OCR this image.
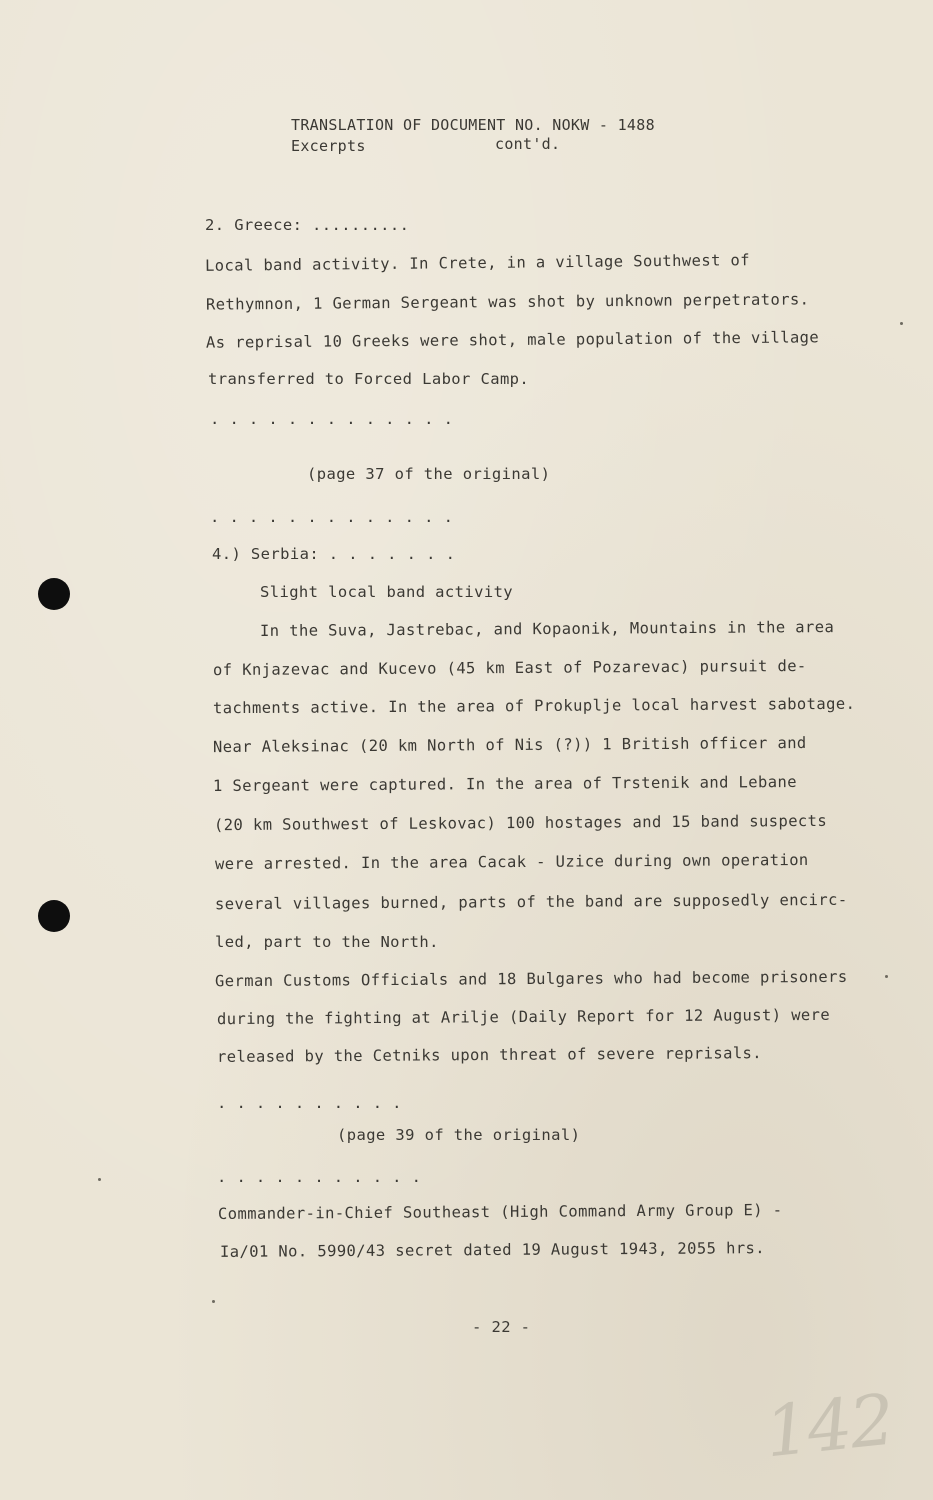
TRANSLATION OF DOCUMENT NO. NOKW - 1488
Excerpts	cont'd.
2. Greece: ..........
Local band activity. In Crete, in a village Southwest of
Rethymnon, 1 German Sergeant was shot by unknown perpetrators.
As reprisal 10 Greeks were shot, male population of the village
transferred to Forced Labor Camp.
. . . . . . . . . . . . .
(page 37 of the original)
. . . . . . . . . . . . .
4.) Serbia: . . . . . . .
Slight local band activity
In the Suva, Jastrebac, and Kopaonik, Mountains in the area
of Knjazevac and Kucevo (45 km East of Pozarevac) pursuit de-
tachments active. In the area of Prokuplje local harvest sabotage.
Near Aleksinac (20 km North of Nis (?)) 1 British officer and
1 Sergeant were captured. In the area of Trstenik and Lebane
(20 km Southwest of Leskovac) 100 hostages and 15 band suspects
were arrested. In the area Cacak - Uzice during own operation
several villages burned, parts of the band are supposedly encirc-
led, part to the North.
German Customs Officials and 18 Bulgares who had become prisoners
during the fighting at Arilje (Daily Report for 12 August) were
released by the Cetniks upon threat of severe reprisals.
. . . . . . . . . .
(page 39 of the original)
. . . . . . . . . . .
Commander-in-Chief Southeast (High Command Army Group E) -
Ia/01 No. 5990/43 secret dated 19 August 1943, 2055 hrs.
- 22 -
142
